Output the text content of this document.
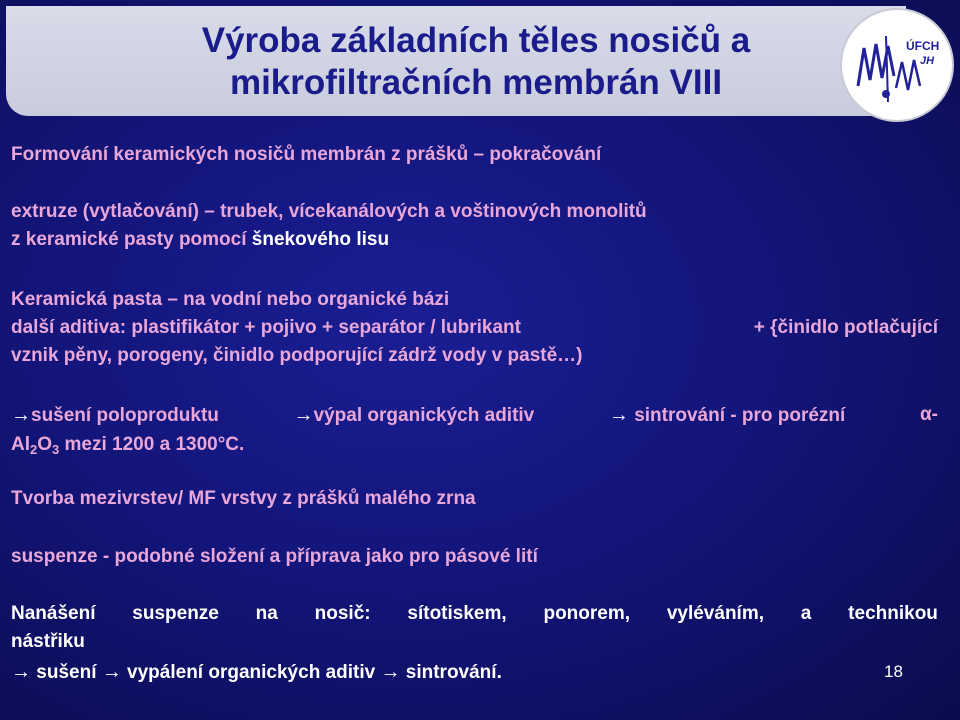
Výroba základních těles nosičů a
mikrofiltračních membrán VIII
ÚFCH
JH

Formování keramických nosičů membrán z prášků – pokračování

extruze (vytlačování) – trubek, vícekanálových a voštinových monolitů

z keramické pasty pomocí šnekového lisu

Keramická pasta – na vodní nebo organické bázi

další aditiva: plastifikátor + pojivo + separátor / lubrikant	+ {činidlo potlačující

vznik pěny, porogeny, činidlo podporující zádrž vody v pastě…)

→sušení poloproduktu	→výpal organických aditiv	→ sintrování - pro porézní	α-

$Al_2O_3$ mezi 1200 a 1300°C.

Tvorba mezivrstev/ MF vrstvy z prášků malého zrna

suspenze - podobné složení a příprava jako pro pásové lití

Nanášení suspenze na nosič: sítotiskem, ponorem, vyléváním, a technikou

nástřiku

→ sušení → vypálení organických aditiv → sintrování.	18
